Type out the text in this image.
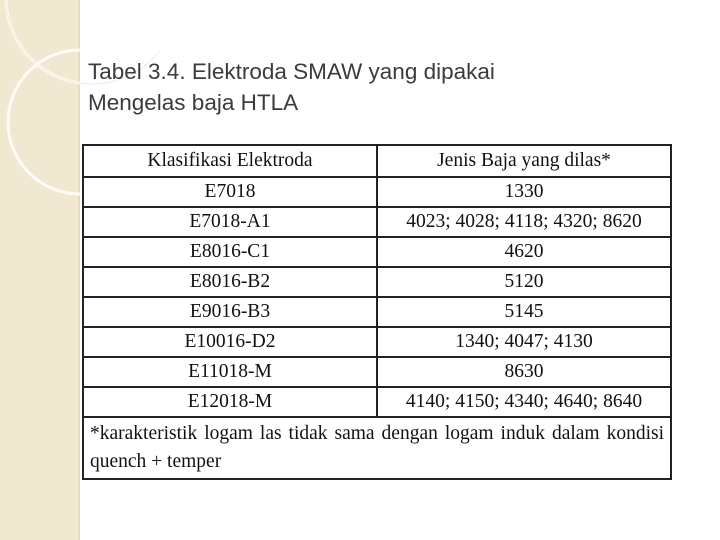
Tabel 3.4. Elektroda SMAW yang dipakai
Mengelas baja HTLA
Klasifikasi Elektroda	Jenis Baja yang dilas*
E7018	1330
E7018-A1	4023; 4028; 4118; 4320; 8620
E8016-C1	4620
E8016-B2	5120
E9016-B3	5145
E10016-D2	1340; 4047; 4130
E11018-M	8630
E12018-M	4140; 4150; 4340; 4640; 8640
*karakteristik logam las tidak sama dengan logam induk dalam kondisi quench + temper	
